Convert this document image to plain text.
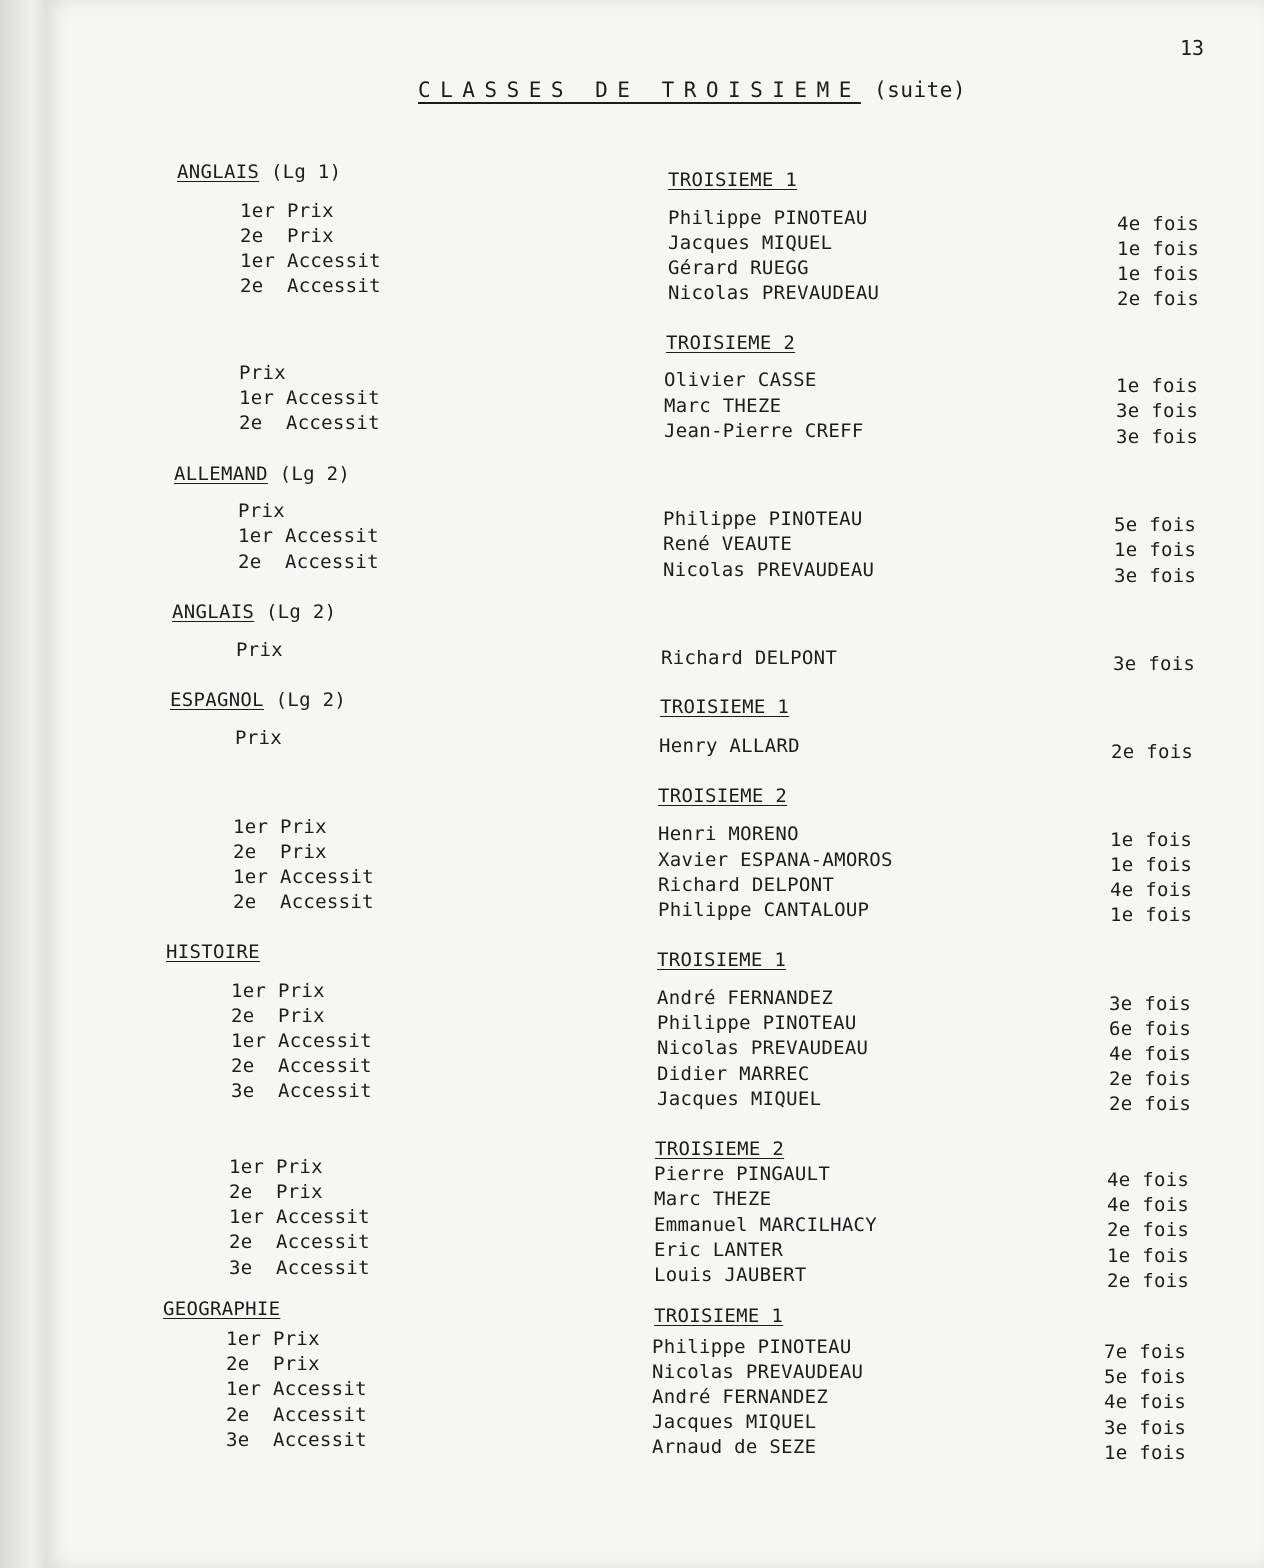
13
CLASSES DE TROISIEME (suite)
ANGLAIS (Lg 1)
1er Prix
2e  Prix
1er Accessit
2e  Accessit
Prix
1er Accessit
2e  Accessit
ALLEMAND (Lg 2)
Prix
1er Accessit
2e  Accessit
ANGLAIS (Lg 2)
Prix
ESPAGNOL (Lg 2)
Prix
1er Prix
2e  Prix
1er Accessit
2e  Accessit
HISTOIRE
1er Prix
2e  Prix
1er Accessit
2e  Accessit
3e  Accessit
1er Prix
2e  Prix
1er Accessit
2e  Accessit
3e  Accessit
GEOGRAPHIE
1er Prix
2e  Prix
1er Accessit
2e  Accessit
3e  Accessit
TROISIEME 1
Philippe PINOTEAU
Jacques MIQUEL
Gérard RUEGG
Nicolas PREVAUDEAU
TROISIEME 2
Olivier CASSE
Marc THEZE
Jean-Pierre CREFF
Philippe PINOTEAU
René VEAUTE
Nicolas PREVAUDEAU
Richard DELPONT
TROISIEME 1
Henry ALLARD
TROISIEME 2
Henri MORENO
Xavier ESPANA-AMOROS
Richard DELPONT
Philippe CANTALOUP
TROISIEME 1
André FERNANDEZ
Philippe PINOTEAU
Nicolas PREVAUDEAU
Didier MARREC
Jacques MIQUEL
TROISIEME 2
Pierre PINGAULT
Marc THEZE
Emmanuel MARCILHACY
Eric LANTER
Louis JAUBERT
TROISIEME 1
Philippe PINOTEAU
Nicolas PREVAUDEAU
André FERNANDEZ
Jacques MIQUEL
Arnaud de SEZE
4e fois
1e fois
1e fois
2e fois
1e fois
3e fois
3e fois
5e fois
1e fois
3e fois
3e fois
2e fois
1e fois
1e fois
4e fois
1e fois
3e fois
6e fois
4e fois
2e fois
2e fois
4e fois
4e fois
2e fois
1e fois
2e fois
7e fois
5e fois
4e fois
3e fois
1e fois
